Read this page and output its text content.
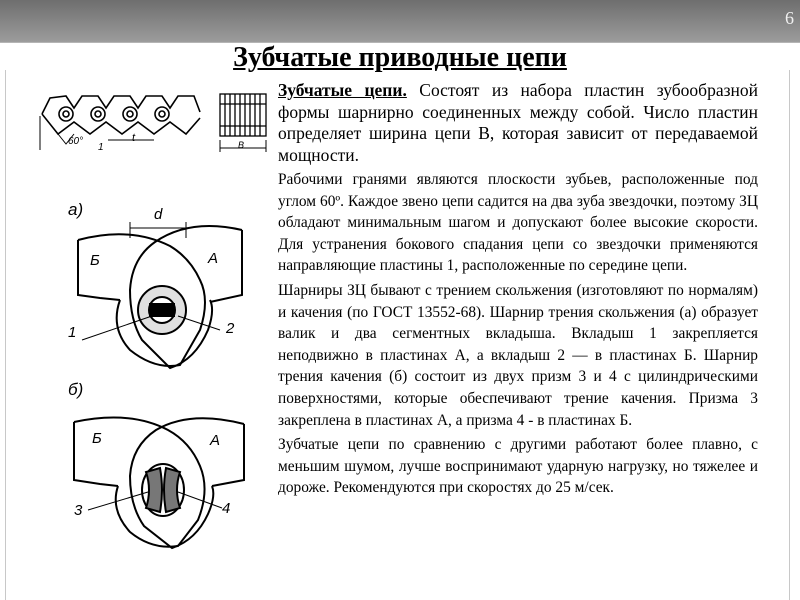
6
Зубчатые приводные цепи
60°
1
t
B
а)	d
Б	А
1	2
б)
Б	А
3	4

Зубчатые цепи. Состоят из набора пластин зубообразной формы шарнирно соединенных между собой. Число пластин определяет ширина цепи B, которая зависит от передаваемой мощности.

Рабочими гранями являются плоскости зубьев, расположенные под углом 60º. Каждое звено цепи садится на два зуба звездочки, поэтому ЗЦ обладают минимальным шагом и допускают более высокие скорости. Для устранения бокового спадания цепи со звездочки применяются направляющие пластины 1, расположенные по середине цепи.

Шарниры ЗЦ бывают с трением скольжения (изготовляют по нормалям) и качения (по ГОСТ 13552-68). Шарнир трения скольжения (а) образует валик и два сегментных вкладыша. Вкладыш 1 закрепляется неподвижно в пластинах А, а вкладыш 2 — в пластинах Б. Шарнир трения качения (б) состоит из двух призм 3 и 4 с цилиндрическими поверхностями, которые обеспечивают трение качения. Призма 3 закреплена в пластинах А, а призма 4 - в пластинах Б.

Зубчатые цепи по сравнению с другими работают более плавно, с меньшим шумом, лучше воспринимают ударную нагрузку, но тяжелее и дороже. Рекомендуются при скоростях до 25 м/сек.
